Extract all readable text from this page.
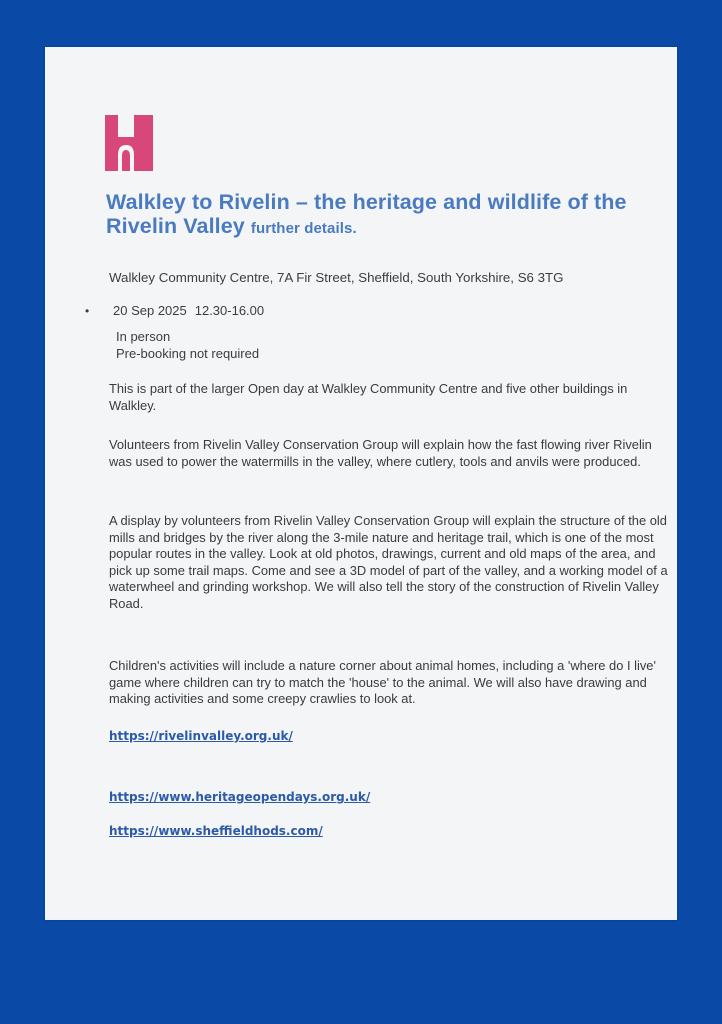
Walkley to Rivelin – the heritage and wildlife of the Rivelin Valley further details.
Walkley Community Centre, 7A Fir Street, Sheffield, South Yorkshire, S6 3TG
• 20 Sep 2025 12.30-16.00
In person
Pre-booking not required

This is part of the larger Open day at Walkley Community Centre and five other buildings in Walkley.

Volunteers from Rivelin Valley Conservation Group will explain how the fast flowing river Rivelin was used to power the watermills in the valley, where cutlery, tools and anvils were produced.

A display by volunteers from Rivelin Valley Conservation Group will explain the structure of the old mills and bridges by the river along the 3-mile nature and heritage trail, which is one of the most popular routes in the valley. Look at old photos, drawings, current and old maps of the area, and pick up some trail maps. Come and see a 3D model of part of the valley, and a working model of a waterwheel and grinding workshop. We will also tell the story of the construction of Rivelin Valley Road.

Children's activities will include a nature corner about animal homes, including a 'where do I live' game where children can try to match the 'house' to the animal. We will also have drawing and making activities and some creepy crawlies to look at.

https://rivelinvalley.org.uk/
https://www.heritageopendays.org.uk/
https://www.sheffieldhods.com/
